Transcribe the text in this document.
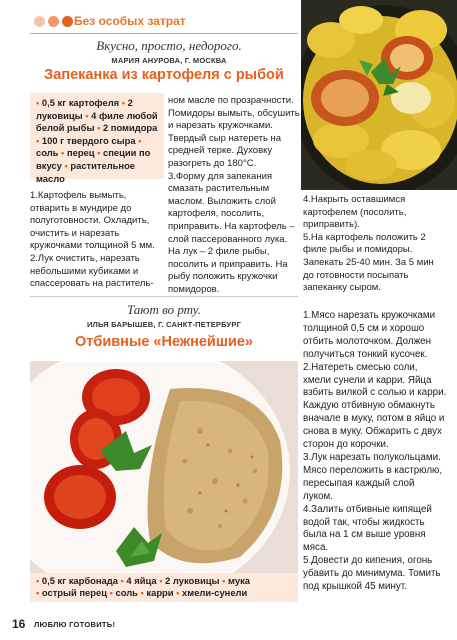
Без особых затрат
Вкусно, просто, недорого.
МАРИЯ АНУРОВА, Г. МОСКВА
Запеканка из картофеля с рыбой
• 0,5 кг картофеля • 2 луковицы • 4 филе любой белой рыбы • 2 помидора • 100 г твердого сыра • соль • перец • специи по вкусу • растительное масло

1.Картофель вымыть, отварить в мундире до полуготовности. Охладить, очистить и нарезать кружочками толщиной 5 мм.

2.Лук очистить, нарезать небольшими кубиками и спассеровать на раститель-

ном масле по прозрачности. Помидоры вымыть, обсушить и нарезать кружочками. Твердый сыр натереть на средней терке. Духовку разогреть до 180°С.

3.Форму для запекания смазать растительным маслом. Выложить слой картофеля, посолить, приправить. На картофель – слой пассерованного лука. На лук – 2 филе рыбы, посолить и приправить. На рыбу положить кружочки помидоров.

4.Накрыть оставшимся картофелем (посолить, приправить).

5.На картофель положить 2 филе рыбы и помидоры. Запекать 25-40 мин. За 5 мин до готовности посыпать запеканку сыром.

Тают во рту.
ИЛЬЯ БАРЫШЕВ, Г. САНКТ-ПЕТЕРБУРГ
Отбивные «Нежнейшие»
• 0,5 кг карбонада • 4 яйца • 2 луковицы • мука
• острый перец • соль • карри • хмели-сунели

1.Мясо нарезать кружочками толщиной 0,5 см и хорошо отбить молоточком. Должен получиться тонкий кусочек.

2.Натереть смесью соли, хмели сунели и карри. Яйца взбить вилкой с солью и карри. Каждую отбивную обмакнуть вначале в муку, потом в яйцо и снова в муку. Обжарить с двух сторон до корочки.

3.Лук нарезать полукольцами. Мясо переложить в кастрюлю, пересыпая каждый слой луком.

4.Залить отбивные кипящей водой так, чтобы жидкость была на 1 см выше уровня мяса.

5.Довести до кипения, огонь убавить до минимума. Томить под крышкой 45 минут.

16 ЛЮБЛЮ ГОТОВИТЬ!
